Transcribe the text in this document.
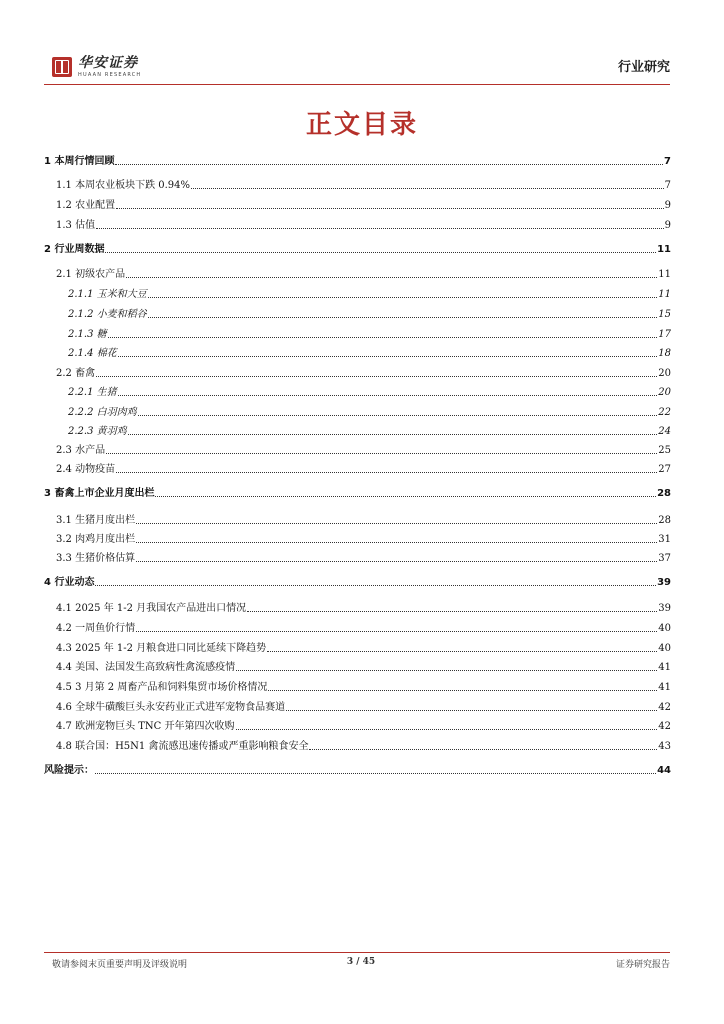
华安证券
HUAAN RESEARCH	行业研究
正文目录
1 本周行情回顾	7
1.1 本周农业板块下跌 0.94%	7
1.2 农业配置	9
1.3 估值	9
2 行业周数据	11
2.1 初级农产品	11
2.1.1 玉米和大豆	11
2.1.2 小麦和稻谷	15
2.1.3 糖	17
2.1.4 棉花	18
2.2 畜禽	20
2.2.1 生猪	20
2.2.2 白羽肉鸡	22
2.2.3 黄羽鸡	24
2.3 水产品	25
2.4 动物疫苗	27
3 畜禽上市企业月度出栏	28
3.1 生猪月度出栏	28
3.2 肉鸡月度出栏	31
3.3 生猪价格估算	37
4 行业动态	39
4.1 2025 年 1-2 月我国农产品进出口情况	39
4.2 一周鱼价行情	40
4.3 2025 年 1-2 月粮食进口同比延续下降趋势	40
4.4 美国、法国发生高致病性禽流感疫情	41
4.5 3 月第 2 周畜产品和饲料集贸市场价格情况	41
4.6 全球牛磺酸巨头永安药业正式进军宠物食品赛道	42
4.7 欧洲宠物巨头 TNC 开年第四次收购	42
4.8 联合国：H5N1 禽流感迅速传播或严重影响粮食安全	43
风险提示：	44
敬请参阅末页重要声明及评级说明	3 / 45	证券研究报告
